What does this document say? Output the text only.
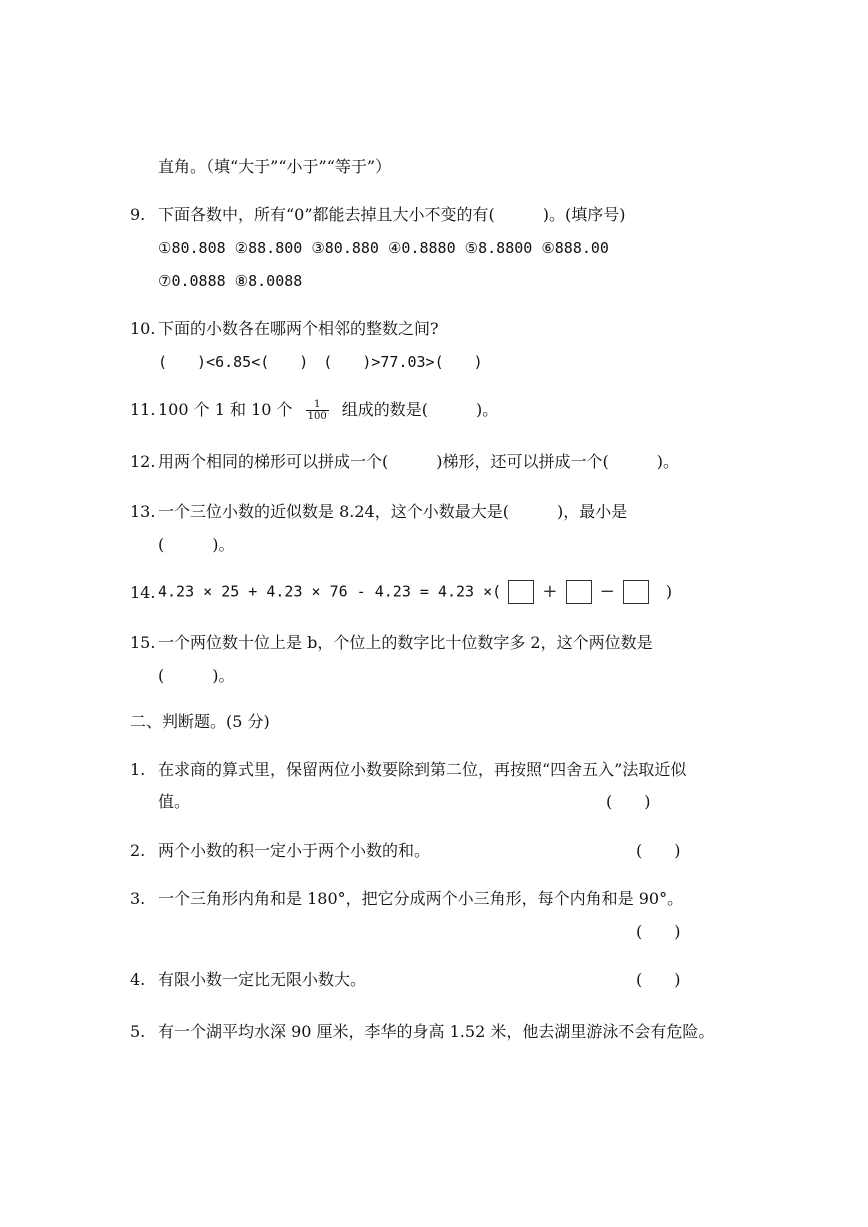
直角。（填“大于”“小于”“等于”）
9. 下面各数中，所有“0”都能去掉且大小不变的有(　　　)。(填序号)
①80.808 ②88.800 ③80.880 ④0.8880 ⑤8.8800 ⑥888.00
⑦0.0888 ⑧8.0088
10. 下面的小数各在哪两个相邻的整数之间?
(　　)<6.85<(　　)　(　　)>77.03>(　　)
11. 100 个 1 和 10 个 $\frac{1}{100}$ 组成的数是(　　　)。
12. 用两个相同的梯形可以拼成一个(　　　)梯形，还可以拼成一个(　　　)。
13. 一个三位小数的近似数是 8.24，这个小数最大是(　　　)，最小是
(　　　)。
14. 4.23 × 25 + 4.23 × 76 - 4.23 = 4.23 ×( + −	)
15. 一个两位数十位上是 b，个位上的数字比十位数字多 2，这个两位数是
(　　　)。
二、判断题。(5 分)
1. 在求商的算式里，保留两位小数要除到第二位，再按照“四舍五入”法取近似
值。	(　　)
2. 两个小数的积一定小于两个小数的和。	(　　)
3. 一个三角形内角和是 180°，把它分成两个小三角形，每个内角和是 90°。
(　　)
4. 有限小数一定比无限小数大。	(　　)
5. 有一个湖平均水深 90 厘米，李华的身高 1.52 米，他去湖里游泳不会有危险。
